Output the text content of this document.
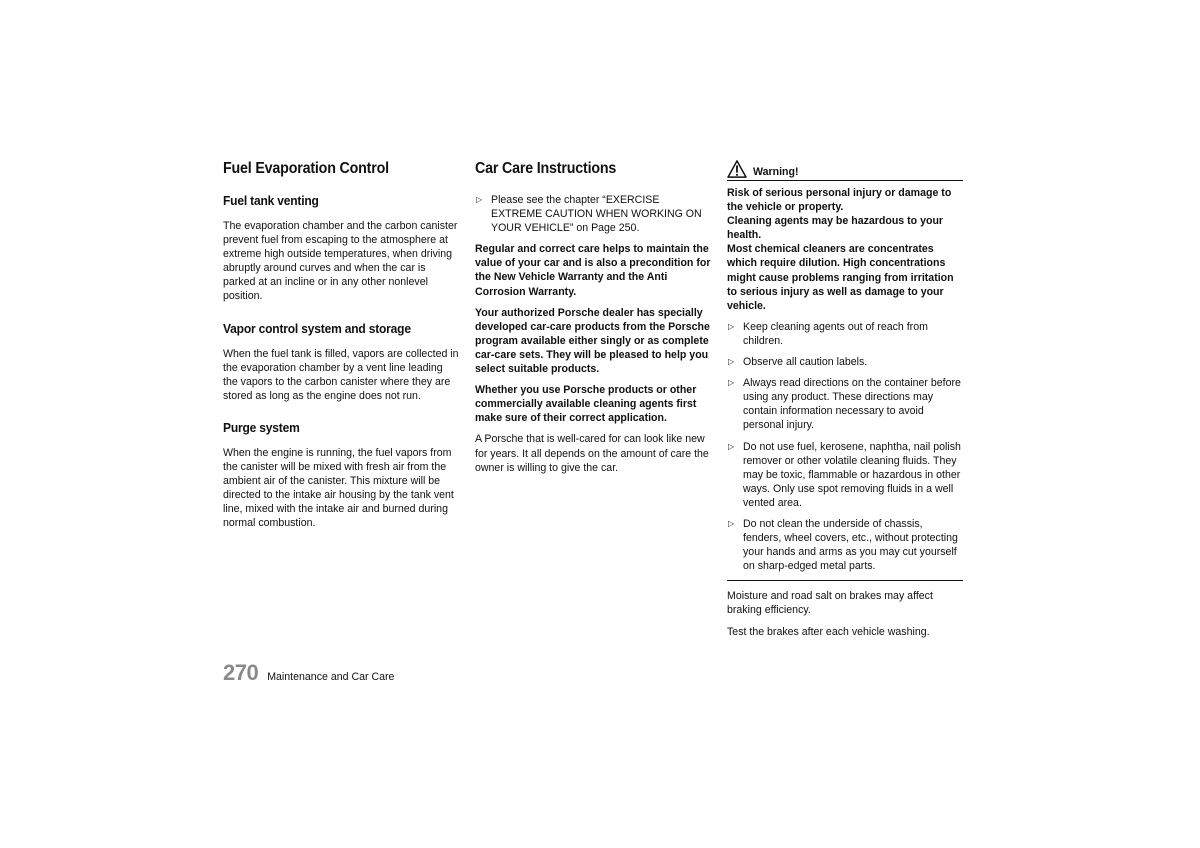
Fuel Evaporation Control
Fuel tank venting

The evaporation chamber and the carbon canister prevent fuel from escaping to the atmosphere at extreme high outside temperatures, when driving abruptly around curves and when the car is parked at an incline or in any other nonlevel position.

Vapor control system and storage

When the fuel tank is filled, vapors are collected in the evaporation chamber by a vent line leading the vapors to the carbon canister where they are stored as long as the engine does not run.

Purge system

When the engine is running, the fuel vapors from the canister will be mixed with fresh air from the ambient air of the canister. This mixture will be directed to the intake air housing by the tank vent line, mixed with the intake air and burned during normal combustion.

Car Care Instructions
▷ Please see the chapter “EXERCISE EXTREME CAUTION WHEN WORKING ON YOUR VEHICLE” on Page 250.

Regular and correct care helps to maintain the value of your car and is also a precondition for the New Vehicle Warranty and the Anti Corrosion Warranty.

Your authorized Porsche dealer has specially developed car-care products from the Porsche program available either singly or as complete car-care sets. They will be pleased to help you select suitable products.

Whether you use Porsche products or other commercially available cleaning agents first make sure of their correct application.

A Porsche that is well-cared for can look like new for years. It all depends on the amount of care the owner is willing to give the car.

Warning!

Risk of serious personal injury or damage to the vehicle or property.

Cleaning agents may be hazardous to your health.

Most chemical cleaners are concentrates which require dilution. High concentrations might cause problems ranging from irritation to serious injury as well as damage to your vehicle.

▷ Keep cleaning agents out of reach from children.
▷ Observe all caution labels.
▷ Always read directions on the container before using any product. These directions may contain information necessary to avoid personal injury.
▷ Do not use fuel, kerosene, naphtha, nail polish remover or other volatile cleaning fluids. They may be toxic, flammable or hazardous in other ways. Only use spot removing fluids in a well vented area.
▷ Do not clean the underside of chassis, fenders, wheel covers, etc., without protecting your hands and arms as you may cut yourself on sharp-edged metal parts.

Moisture and road salt on brakes may affect braking efficiency.

Test the brakes after each vehicle washing.

270 Maintenance and Car Care
